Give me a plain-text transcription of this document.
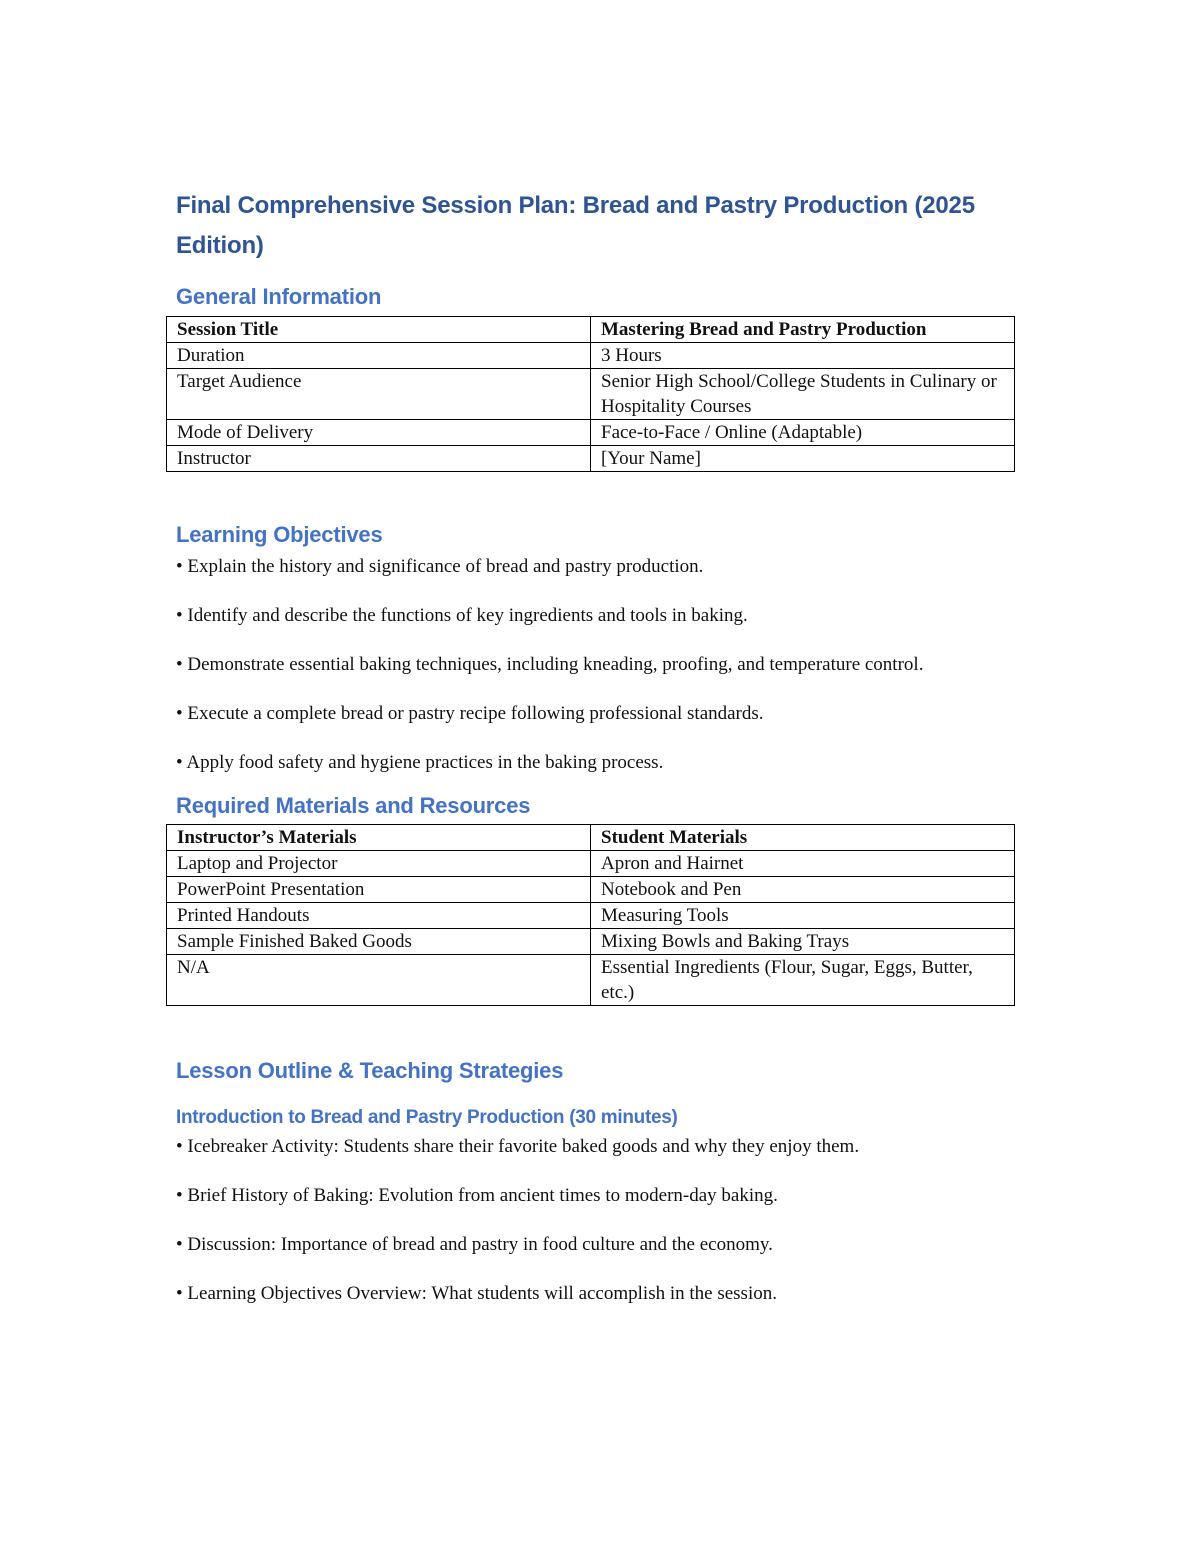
Final Comprehensive Session Plan: Bread and Pastry Production (2025 Edition)
General Information
Session Title	Mastering Bread and Pastry Production
Duration	3 Hours
Target Audience	Senior High School/College Students in Culinary or Hospitality Courses
Mode of Delivery	Face-to-Face / Online (Adaptable)
Instructor	[Your Name]
Learning Objectives

• Explain the history and significance of bread and pastry production.

• Identify and describe the functions of key ingredients and tools in baking.

• Demonstrate essential baking techniques, including kneading, proofing, and temperature control.

• Execute a complete bread or pastry recipe following professional standards.

• Apply food safety and hygiene practices in the baking process.

Required Materials and Resources
Instructor’s Materials	Student Materials
Laptop and Projector	Apron and Hairnet
PowerPoint Presentation	Notebook and Pen
Printed Handouts	Measuring Tools
Sample Finished Baked Goods	Mixing Bowls and Baking Trays
N/A	Essential Ingredients (Flour, Sugar, Eggs, Butter, etc.)
Lesson Outline & Teaching Strategies
Introduction to Bread and Pastry Production (30 minutes)

• Icebreaker Activity: Students share their favorite baked goods and why they enjoy them.

• Brief History of Baking: Evolution from ancient times to modern-day baking.

• Discussion: Importance of bread and pastry in food culture and the economy.

• Learning Objectives Overview: What students will accomplish in the session.
